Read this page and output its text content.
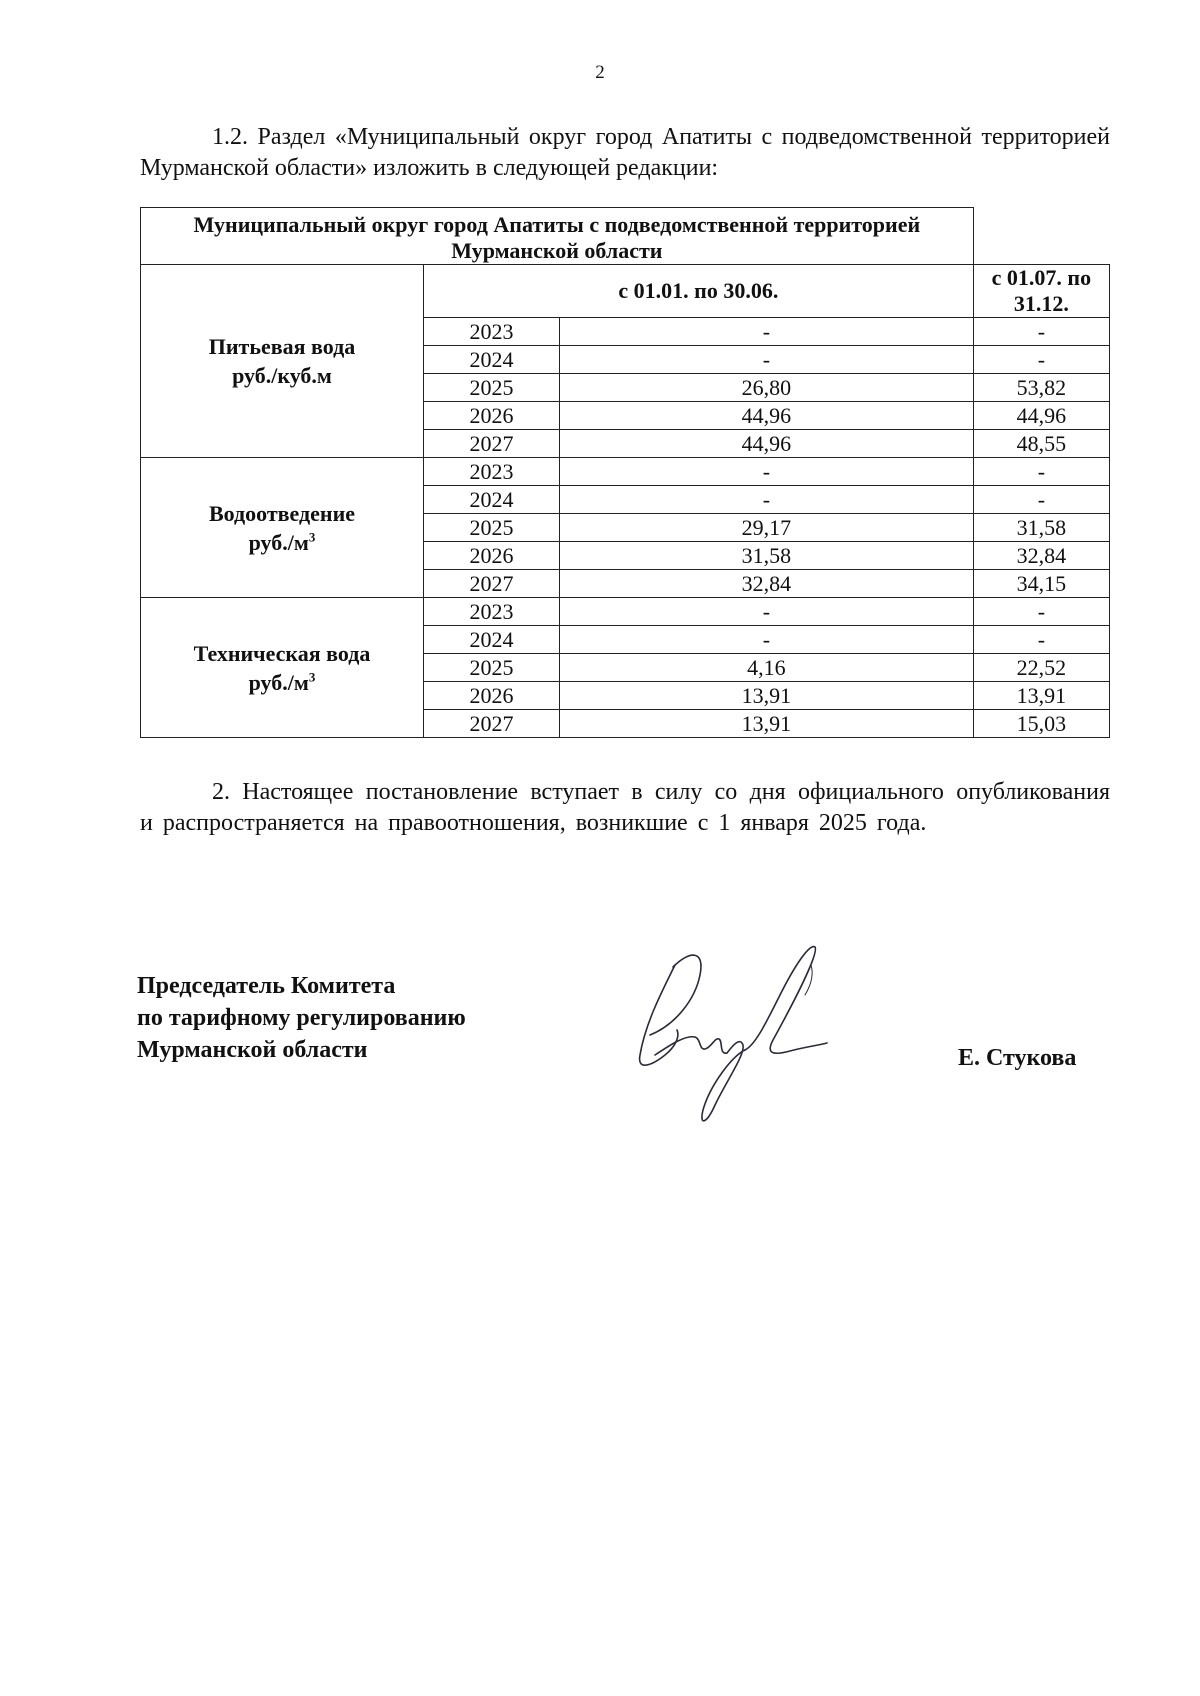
2
1.2. Раздел «Муниципальный округ город Апатиты с подведомственной территорией Мурманской области» изложить в следующей редакции:
Муниципальный округ город Апатиты с подведомственной территорией Мурманской области			
Питьевая вода
руб./куб.м	с 01.01. по 30.06.		с 01.07. по 31.12.
	2023	-	-
	2024	-	-
	2025	26,80	53,82
	2026	44,96	44,96
	2027	44,96	48,55
Водоотведение
$руб./м^3$	2023	-	-
	2024	-	-
	2025	29,17	31,58
	2026	31,58	32,84
	2027	32,84	34,15
Техническая вода
$руб./м^3$	2023	-	-
	2024	-	-
	2025	4,16	22,52
	2026	13,91	13,91
	2027	13,91	15,03
2. Настоящее постановление вступает в силу со дня официального опубликования и распространяется на правоотношения, возникшие с 1 января 2025 года.
Председатель Комитета
по тарифному регулированию
Мурманской области	Е. Стукова
